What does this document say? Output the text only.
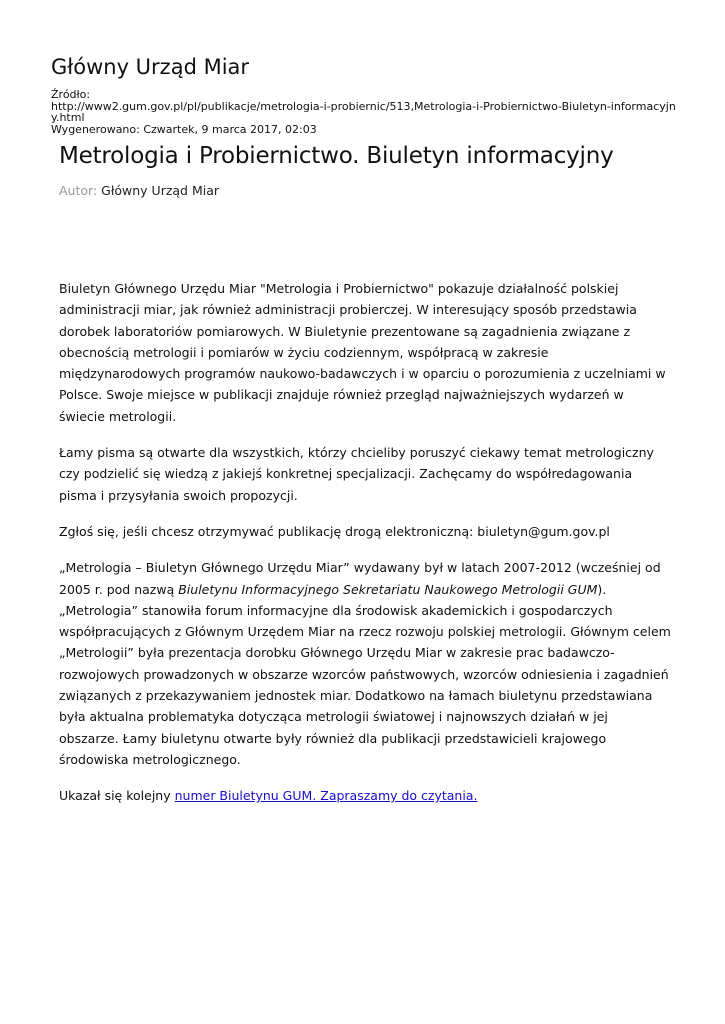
Główny Urząd Miar
Źródło:
http://www2.gum.gov.pl/pl/publikacje/metrologia-i-probiernic/513,Metrologia-i-Probiernictwo-Biuletyn-informacyjny.html
Wygenerowano: Czwartek, 9 marca 2017, 02:03
Metrologia i Probiernictwo. Biuletyn informacyjny
Autor: Główny Urząd Miar

Biuletyn Głównego Urzędu Miar "Metrologia i Probiernictwo" pokazuje działalność polskiej administracji miar, jak również administracji probierczej. W interesujący sposób przedstawia dorobek laboratoriów pomiarowych. W Biuletynie prezentowane są zagadnienia związane z obecnością metrologii i pomiarów w życiu codziennym, współpracą w zakresie międzynarodowych programów naukowo-badawczych i w oparciu o porozumienia z uczelniami w Polsce. Swoje miejsce w publikacji znajduje również przegląd najważniejszych wydarzeń w świecie metrologii.

Łamy pisma są otwarte dla wszystkich, którzy chcieliby poruszyć ciekawy temat metrologiczny czy podzielić się wiedzą z jakiejś konkretnej specjalizacji. Zachęcamy do współredagowania pisma i przysyłania swoich propozycji.

Zgłoś się, jeśli chcesz otrzymywać publikację drogą elektroniczną: biuletyn@gum.gov.pl

„Metrologia – Biuletyn Głównego Urzędu Miar” wydawany był w latach 2007-2012 (wcześniej od 2005 r. pod nazwą Biuletynu Informacyjnego Sekretariatu Naukowego Metrologii GUM). „Metrologia” stanowiła forum informacyjne dla środowisk akademickich i gospodarczych współpracujących z Głównym Urzędem Miar na rzecz rozwoju polskiej metrologii. Głównym celem „Metrologii” była prezentacja dorobku Głównego Urzędu Miar w zakresie prac badawczo-rozwojowych prowadzonych w obszarze wzorców państwowych, wzorców odniesienia i zagadnień związanych z przekazywaniem jednostek miar. Dodatkowo na łamach biuletynu przedstawiana była aktualna problematyka dotycząca metrologii światowej i najnowszych działań w jej obszarze. Łamy biuletynu otwarte były również dla publikacji przedstawicieli krajowego środowiska metrologicznego.

Ukazał się kolejny numer Biuletynu GUM. Zapraszamy do czytania.
